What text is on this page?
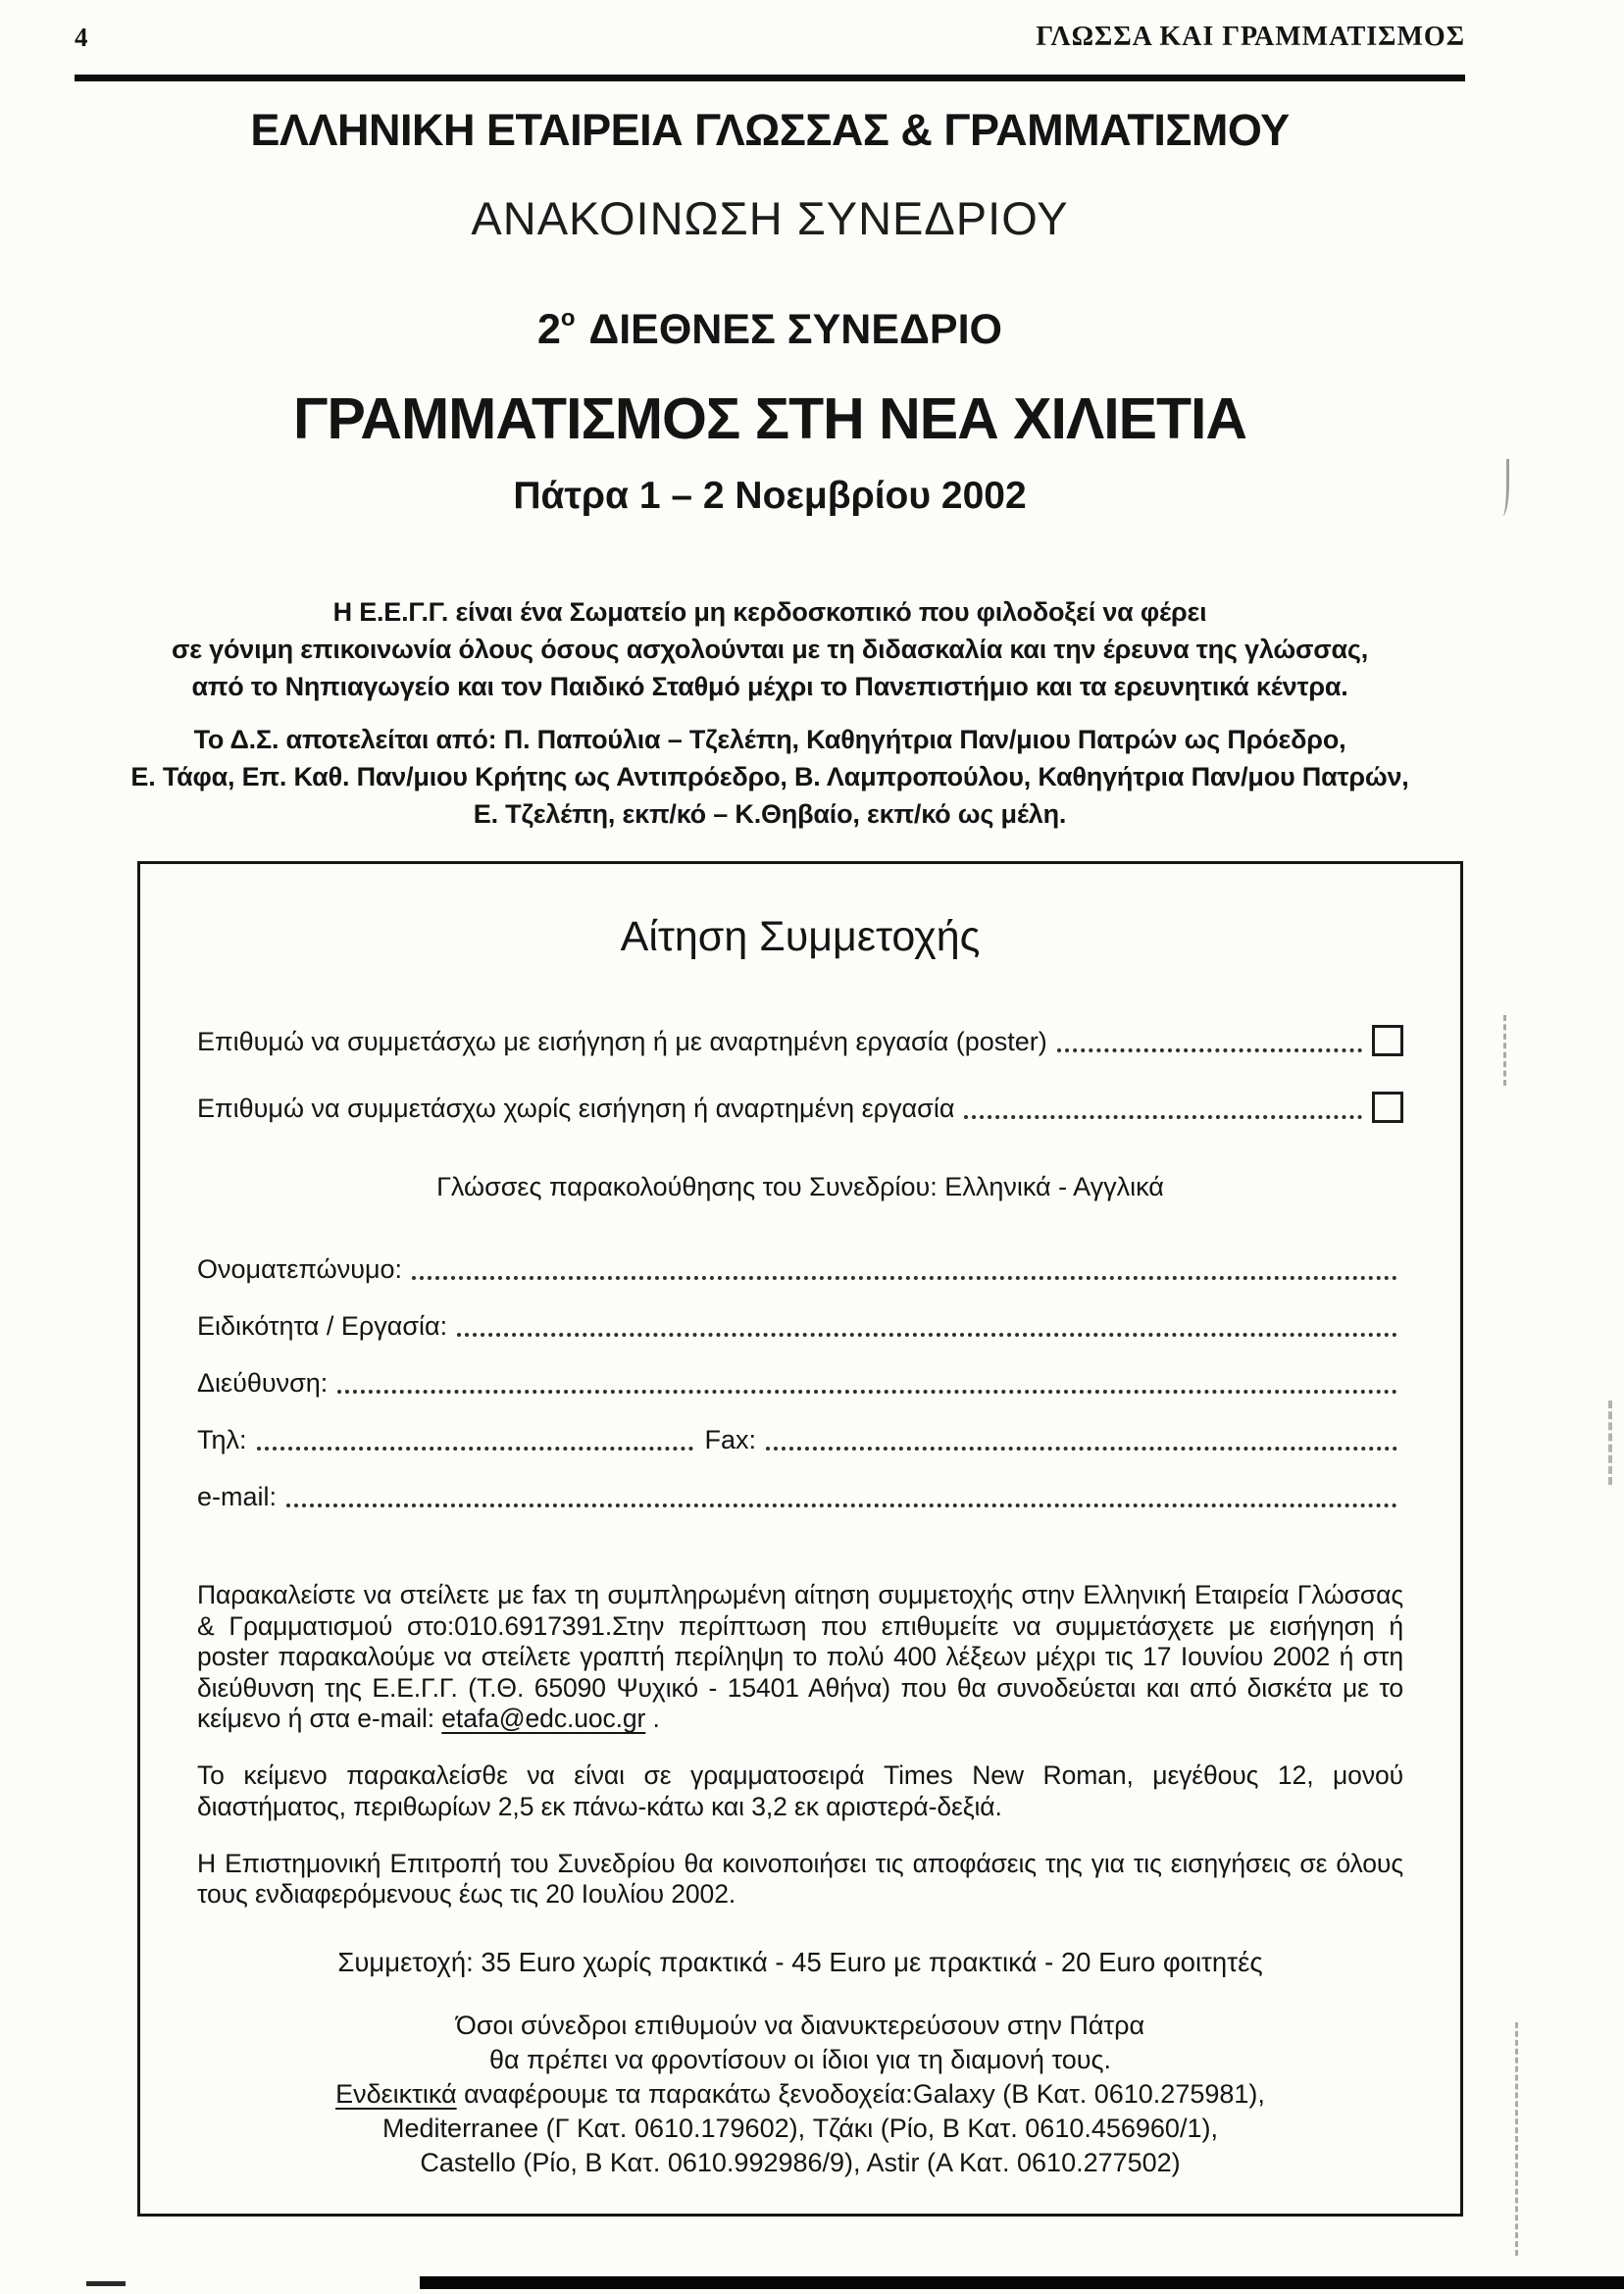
4	ΓΛΩΣΣΑ ΚΑΙ ΓΡΑΜΜΑΤΙΣΜΟΣ
ΕΛΛΗΝΙΚΗ ΕΤΑΙΡΕΙΑ ΓΛΩΣΣΑΣ & ΓΡΑΜΜΑΤΙΣΜΟΥ
ΑΝΑΚΟΙΝΩΣΗ ΣΥΝΕΔΡΙΟΥ
$2^o$ ΔΙΕΘΝΕΣ ΣΥΝΕΔΡΙΟ
ΓΡΑΜΜΑΤΙΣΜΟΣ ΣΤΗ ΝΕΑ ΧΙΛΙΕΤΙΑ
Πάτρα 1 – 2 Νοεμβρίου 2002
Η Ε.Ε.Γ.Γ. είναι ένα Σωματείο μη κερδοσκοπικό που φιλοδοξεί να φέρει
σε γόνιμη επικοινωνία όλους όσους ασχολούνται με τη διδασκαλία και την έρευνα της γλώσσας,
από το Νηπιαγωγείο και τον Παιδικό Σταθμό μέχρι το Πανεπιστήμιο και τα ερευνητικά κέντρα.
Το Δ.Σ. αποτελείται από: Π. Παπούλια – Τζελέπη, Καθηγήτρια Παν/μιου Πατρών ως Πρόεδρο,
Ε. Τάφα, Επ. Καθ. Παν/μιου Κρήτης ως Αντιπρόεδρο, Β. Λαμπροπούλου, Καθηγήτρια Παν/μου Πατρών,
Ε. Τζελέπη, εκπ/κό – Κ.Θηβαίο, εκπ/κό ως μέλη.
Αίτηση Συμμετοχής
Επιθυμώ να συμμετάσχω με εισήγηση ή με αναρτημένη εργασία (poster)
Επιθυμώ να συμμετάσχω χωρίς εισήγηση ή αναρτημένη εργασία
Γλώσσες παρακολούθησης του Συνεδρίου: Ελληνικά - Αγγλικά
Ονοματεπώνυμο:
Ειδικότητα / Εργασία:
Διεύθυνση:
Τηλ:	Fax:
e-mail:

Παρακαλείστε να στείλετε με fax τη συμπληρωμένη αίτηση συμμετοχής στην Ελληνική Εταιρεία Γλώσσας & Γραμματισμού στο:010.6917391.Στην περίπτωση που επιθυμείτε να συμμετάσχετε με εισήγηση ή poster παρακαλούμε να στείλετε γραπτή περίληψη το πολύ 400 λέξεων μέχρι τις 17 Ιουνίου 2002 ή στη διεύθυνση της Ε.Ε.Γ.Γ. (Τ.Θ. 65090 Ψυχικό - 15401 Αθήνα) που θα συνοδεύεται και από δισκέτα με το κείμενο ή στα e-mail: etafa@edc.uoc.gr .

Το κείμενο παρακαλείσθε να είναι σε γραμματοσειρά Times New Roman, μεγέθους 12, μονού διαστήματος, περιθωρίων 2,5 εκ πάνω-κάτω και 3,2 εκ αριστερά-δεξιά.

Η Επιστημονική Επιτροπή του Συνεδρίου θα κοινοποιήσει τις αποφάσεις της για τις εισηγήσεις σε όλους τους ενδιαφερόμενους έως τις 20 Ιουλίου 2002.

Συμμετοχή: 35 Euro χωρίς πρακτικά - 45 Euro με πρακτικά - 20 Euro φοιτητές
Όσοι σύνεδροι επιθυμούν να διανυκτερεύσουν στην Πάτρα
θα πρέπει να φροντίσουν οι ίδιοι για τη διαμονή τους.
Ενδεικτικά αναφέρουμε τα παρακάτω ξενοδοχεία:Galaxy (Β Κατ. 0610.275981),
Mediterranee (Γ Κατ. 0610.179602), Τζάκι (Ρίο, Β Κατ. 0610.456960/1),
Castello (Ρίο, Β Κατ. 0610.992986/9), Astir (Α Κατ. 0610.277502)
